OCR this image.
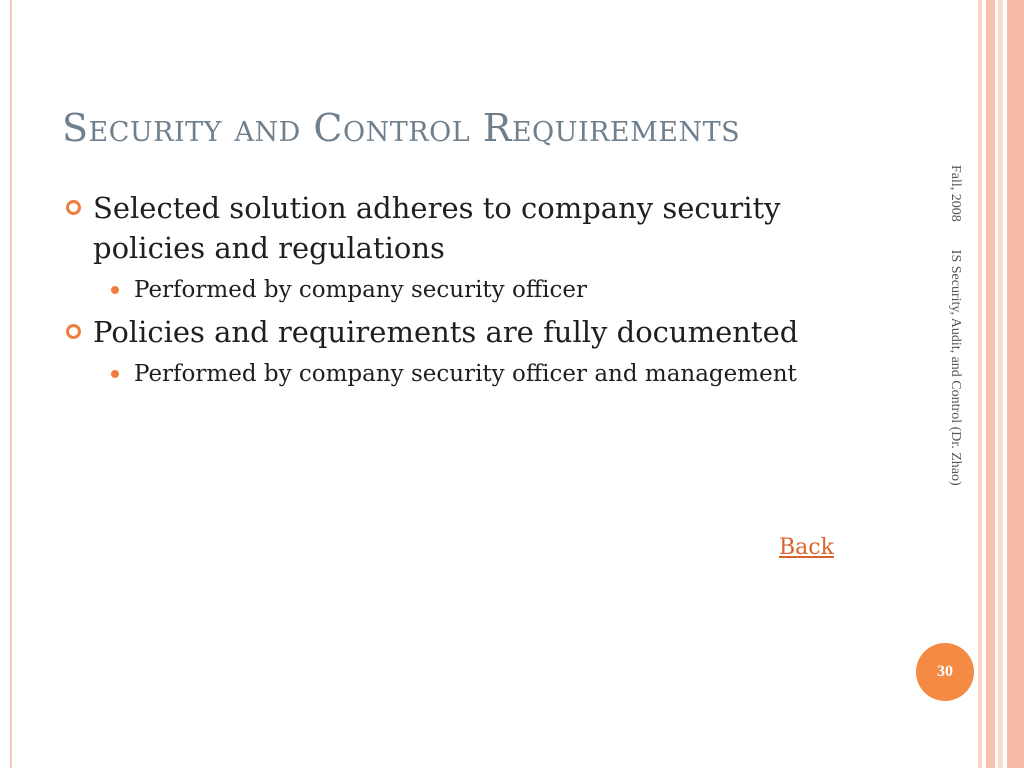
Security and Control Requirements
Selected solution adheres to company security policies and regulations
Performed by company security officer
Policies and requirements are fully documented
Performed by company security officer and management
Back
Fall, 2008IS Security, Audit, and Control (Dr. Zhao)
30
